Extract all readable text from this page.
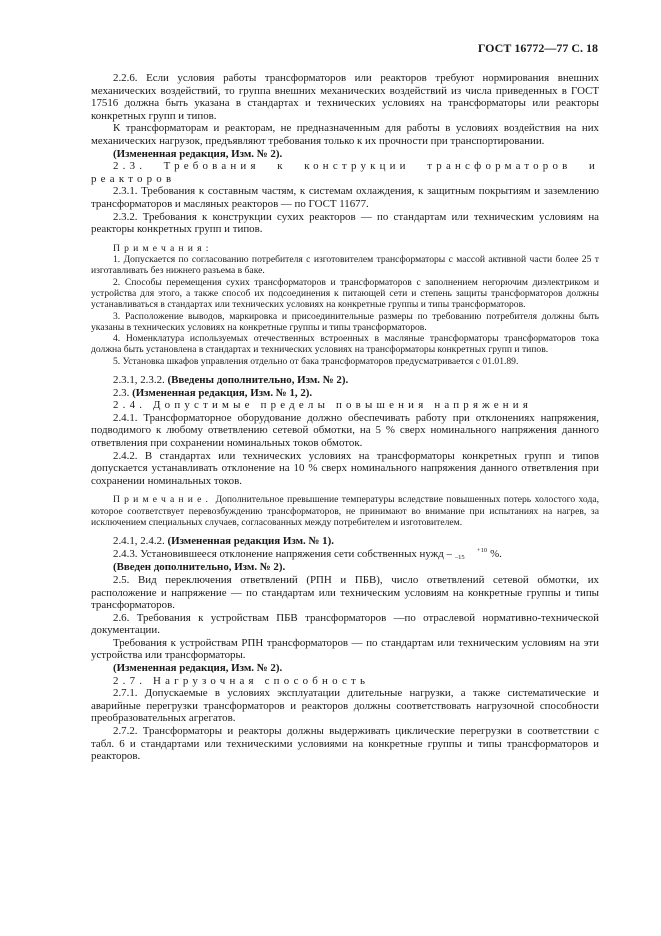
ГОСТ 16772—77 С. 18

2.2.6. Если условия работы трансформаторов или реакторов требуют нормирования внешних механических воздействий, то группа внешних механических воздействий из числа приведенных в ГОСТ 17516 должна быть указана в стандартах и технических условиях на трансформаторы или реакторы конкретных групп и типов.

К трансформаторам и реакторам, не предназначенным для работы в условиях воздействия на них механических нагрузок, предъявляют требования только к их прочности при транспортировании.

(Измененная редакция, Изм. № 2).

2.3. Требования к конструкции трансформаторов и реакторов

2.3.1. Требования к составным частям, к системам охлаждения, к защитным покрытиям и заземлению трансформаторов и масляных реакторов — по ГОСТ 11677.

2.3.2. Требования к конструкции сухих реакторов — по стандартам или техническим условиям на реакторы конкретных групп и типов.

Примечания:

1. Допускается по согласованию потребителя с изготовителем трансформаторы с массой активной части более 25 т изготавливать без нижнего разъема в баке.

2. Способы перемещения сухих трансформаторов и трансформаторов с заполнением негорючим диэлектриком и устройства для этого, а также способ их подсоединения к питающей сети и степень защиты трансформаторов должны устанавливаться в стандартах или технических условиях на конкретные группы и типы трансформаторов.

3. Расположение выводов, маркировка и присоединительные размеры по требованию потребителя должны быть указаны в технических условиях на конкретные группы и типы трансформаторов.

4. Номенклатура используемых отечественных встроенных в масляные трансформаторы трансформаторов тока должна быть установлена в стандартах и технических условиях на трансформаторы конкретных групп и типов.

5. Установка шкафов управления отдельно от бака трансформаторов предусматривается с 01.01.89.

2.3.1, 2.3.2. (Введены дополнительно, Изм. № 2).

2.3. (Измененная редакция, Изм. № 1, 2).

2.4. Допустимые пределы повышения напряжения

2.4.1. Трансформаторное оборудование должно обеспечивать работу при отклонениях напряжения, подводимого к любому ответвлению сетевой обмотки, на 5 % сверх номинального напряжения данного ответвления при сохранении номинальных токов обмоток.

2.4.2. В стандартах или технических условиях на трансформаторы конкретных групп и типов допускается устанавливать отклонение на 10 % сверх номинального напряжения данного ответвления при сохранении номинальных токов.

Примечание. Дополнительное превышение температуры вследствие повышенных потерь холостого хода, которое соответствует перевозбуждению трансформаторов, не принимают во внимание при испытаниях на нагрев, за исключением специальных случаев, согласованных между потребителем и изготовителем.

2.4.1, 2.4.2. (Измененная редакция Изм. № 1).

2.4.3. Установившееся отклонение напряжения сети собственных нужд –	+10
–15 %.

(Введен дополнительно, Изм. № 2).

2.5. Вид переключения ответвлений (РПН и ПБВ), число ответвлений сетевой обмотки, их расположение и напряжение — по стандартам или техническим условиям на конкретные группы и типы трансформаторов.

2.6. Требования к устройствам ПБВ трансформаторов —по отраслевой нормативно-технической документации.

Требования к устройствам РПН трансформаторов — по стандартам или техническим условиям на эти устройства или трансформаторы.

(Измененная редакция, Изм. № 2).

2.7. Нагрузочная способность

2.7.1. Допускаемые в условиях эксплуатации длительные нагрузки, а также систематические и аварийные перегрузки трансформаторов и реакторов должны соответствовать нагрузочной способности преобразовательных агрегатов.

2.7.2. Трансформаторы и реакторы должны выдерживать циклические перегрузки в соответствии с табл. 6 и стандартами или техническими условиями на конкретные группы и типы трансформаторов и реакторов.
